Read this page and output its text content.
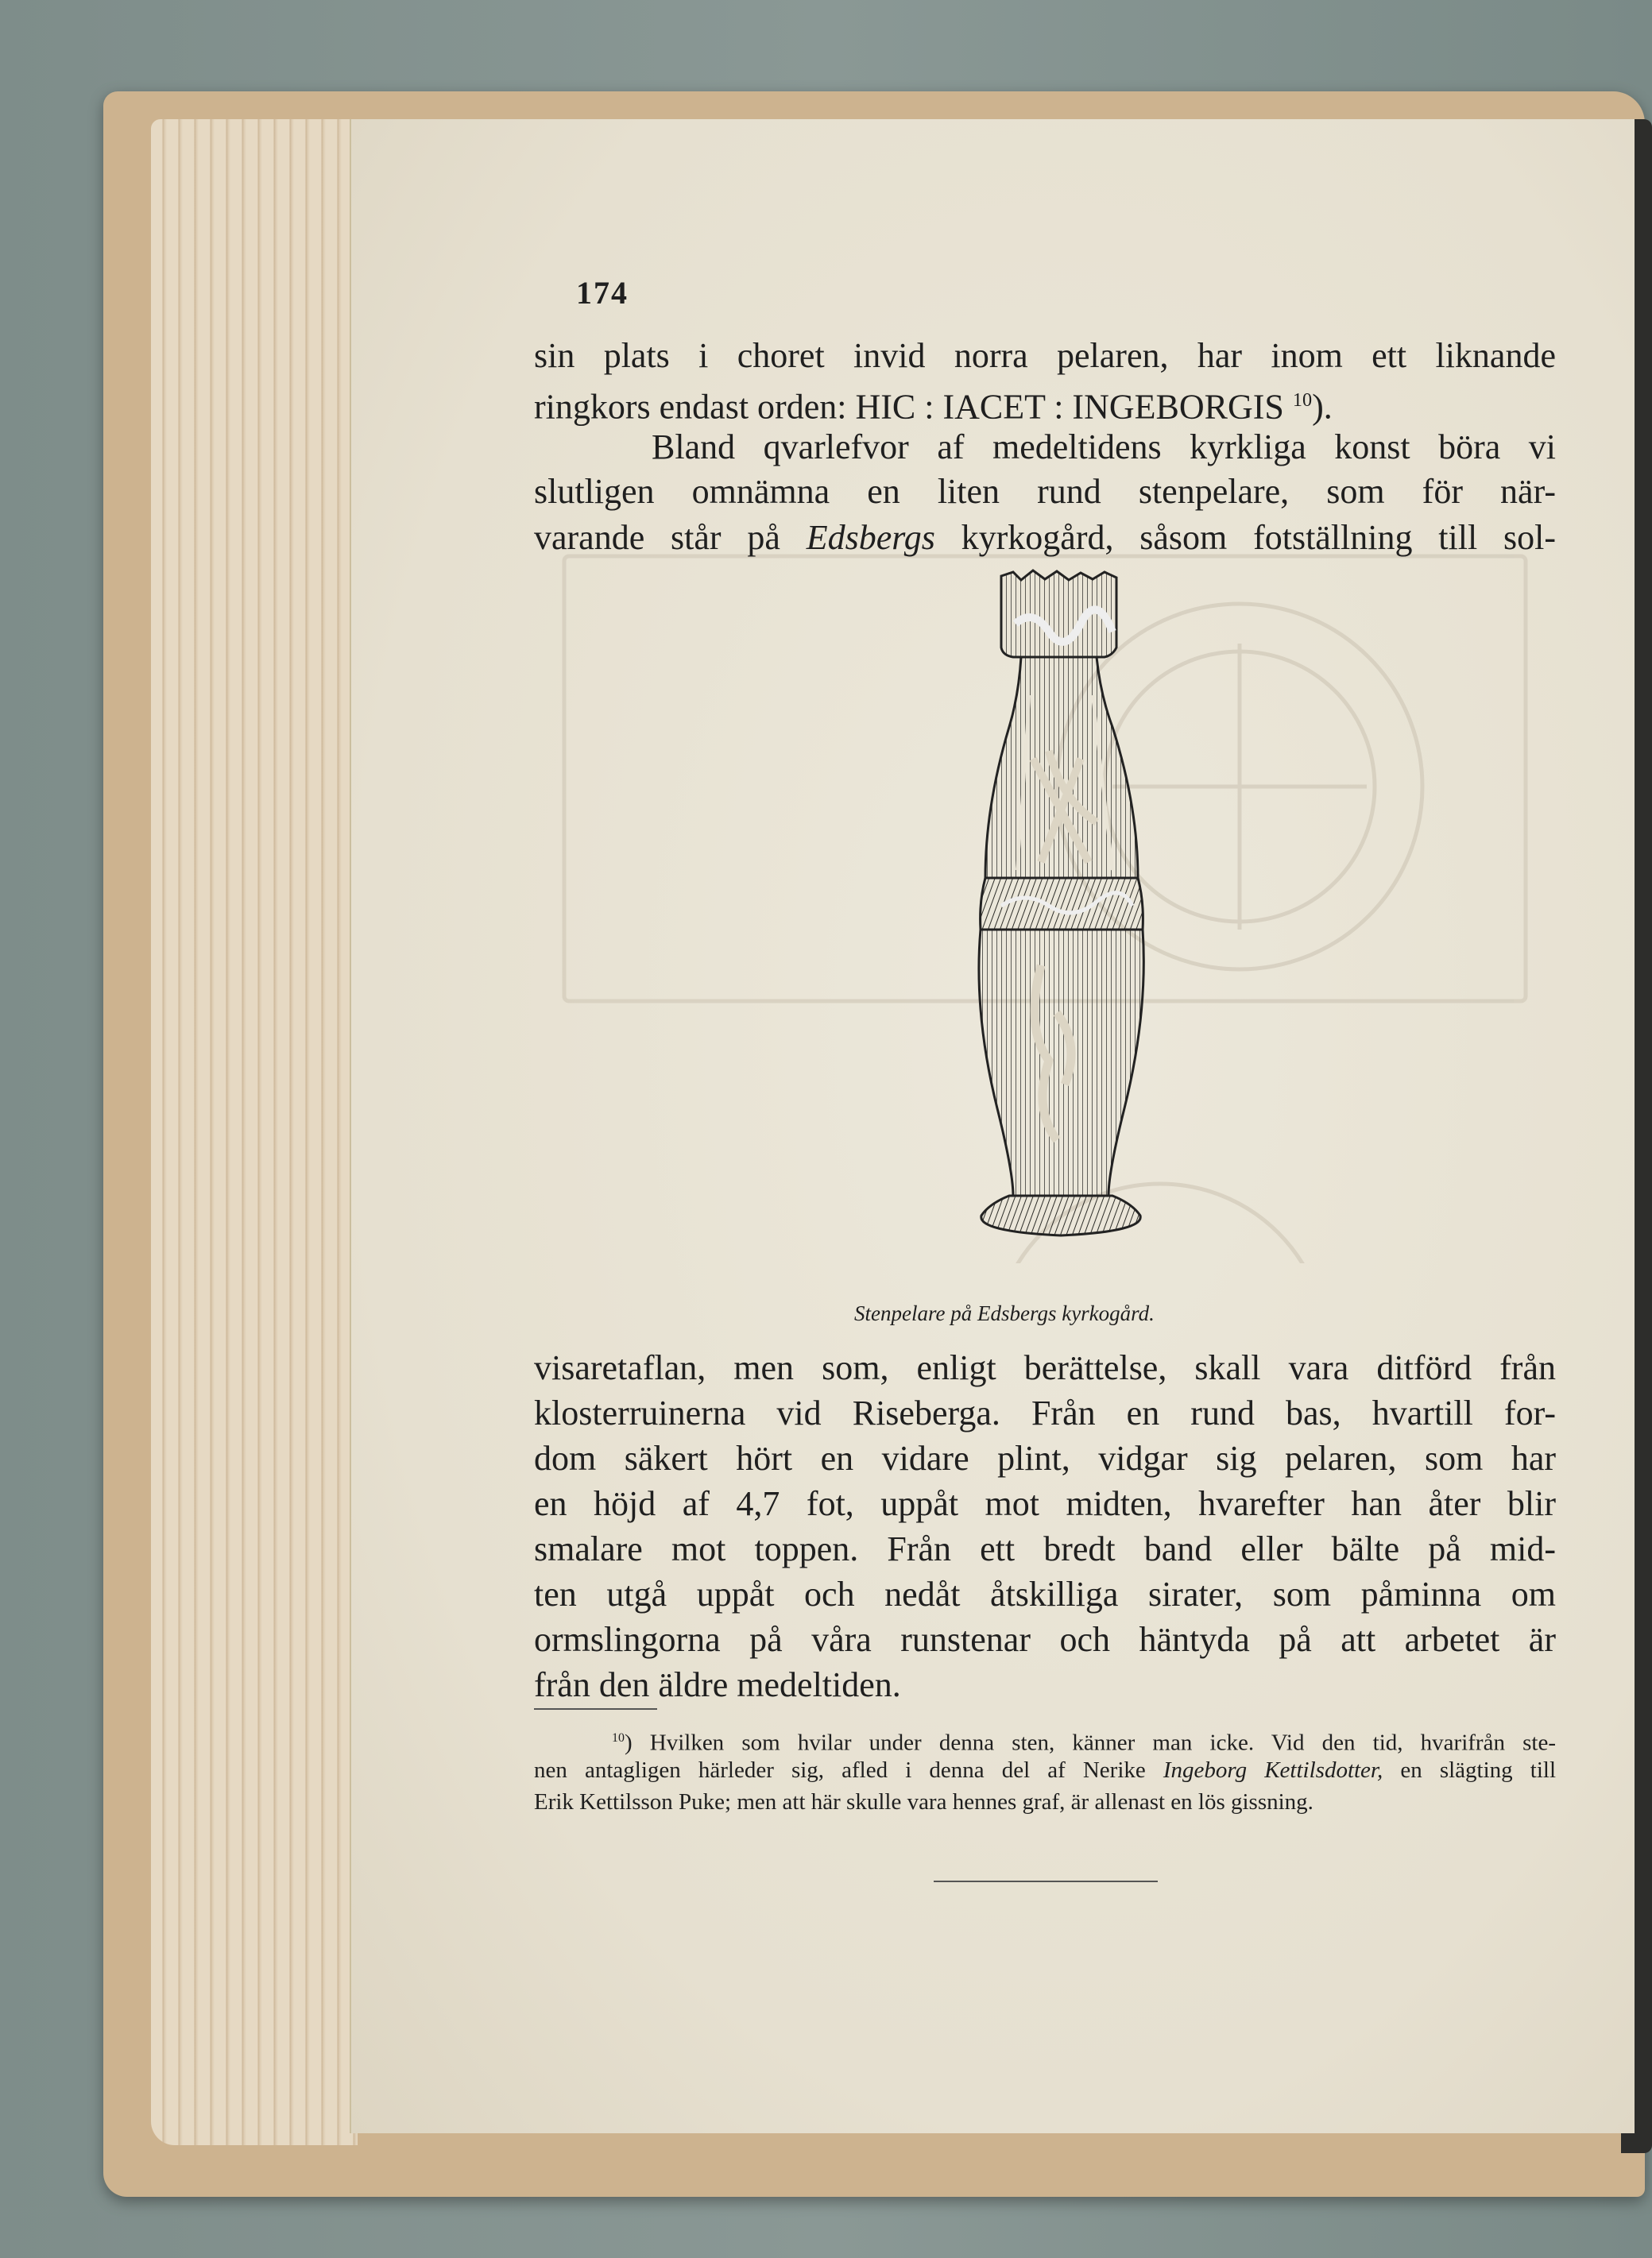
174
sin plats i choret invid norra pelaren, har inom ett liknande
ringkors endast orden: HIC : IACET : INGEBORGIS $^{10}$).
Bland qvarlefvor af medeltidens kyrkliga konst böra vi
slutligen omnämna en liten rund stenpelare, som för när-
varande står på Edsbergs kyrkogård, såsom fotställning till sol-
Stenpelare på Edsbergs kyrkogård.
visaretaflan, men som, enligt berättelse, skall vara ditförd från
klosterruinerna vid Riseberga. Från en rund bas, hvartill for-
dom säkert hört en vidare plint, vidgar sig pelaren, som har
en höjd af 4,7 fot, uppåt mot midten, hvarefter han åter blir
smalare mot toppen. Från ett bredt band eller bälte på mid-
ten utgå uppåt och nedåt åtskilliga sirater, som påminna om
ormslingorna på våra runstenar och häntyda på att arbetet är
från den äldre medeltiden.
$^{10}$) Hvilken som hvilar under denna sten, känner man icke. Vid den tid, hvarifrån ste-
nen antagligen härleder sig, afled i denna del af Nerike Ingeborg Kettilsdotter, en slägting till
Erik Kettilsson Puke; men att här skulle vara hennes graf, är allenast en lös gissning.
